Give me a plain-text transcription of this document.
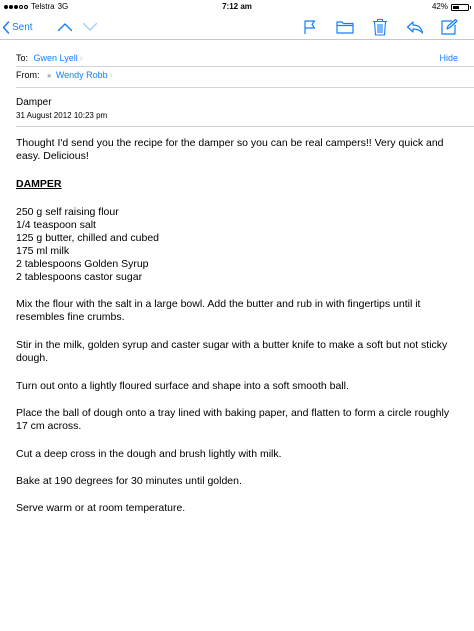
Telstra 3G	7:12 am	42%
Sent
To: Gwen Lyell ›	Hide
From: ★ Wendy Robb ›
Damper
31 August 2012 10:23 pm

Thought I'd send you the recipe for the damper so you can be real campers!! Very quick and easy. Delicious!

DAMPER

250 g self raising flour
1/4 teaspoon salt
125 g butter, chilled and cubed
175 ml milk
2 tablespoons Golden Syrup
2 tablespoons castor sugar

Mix the flour with the salt in a large bowl. Add the butter and rub in with fingertips until it resembles fine crumbs.

Stir in the milk, golden syrup and caster sugar with a butter knife to make a soft but not sticky dough.

Turn out onto a lightly floured surface and shape into a soft smooth ball.

Place the ball of dough onto a tray lined with baking paper, and flatten to form a circle roughly 17 cm across.

Cut a deep cross in the dough and brush lightly with milk.

Bake at 190 degrees for 30 minutes until golden.

Serve warm or at room temperature.
